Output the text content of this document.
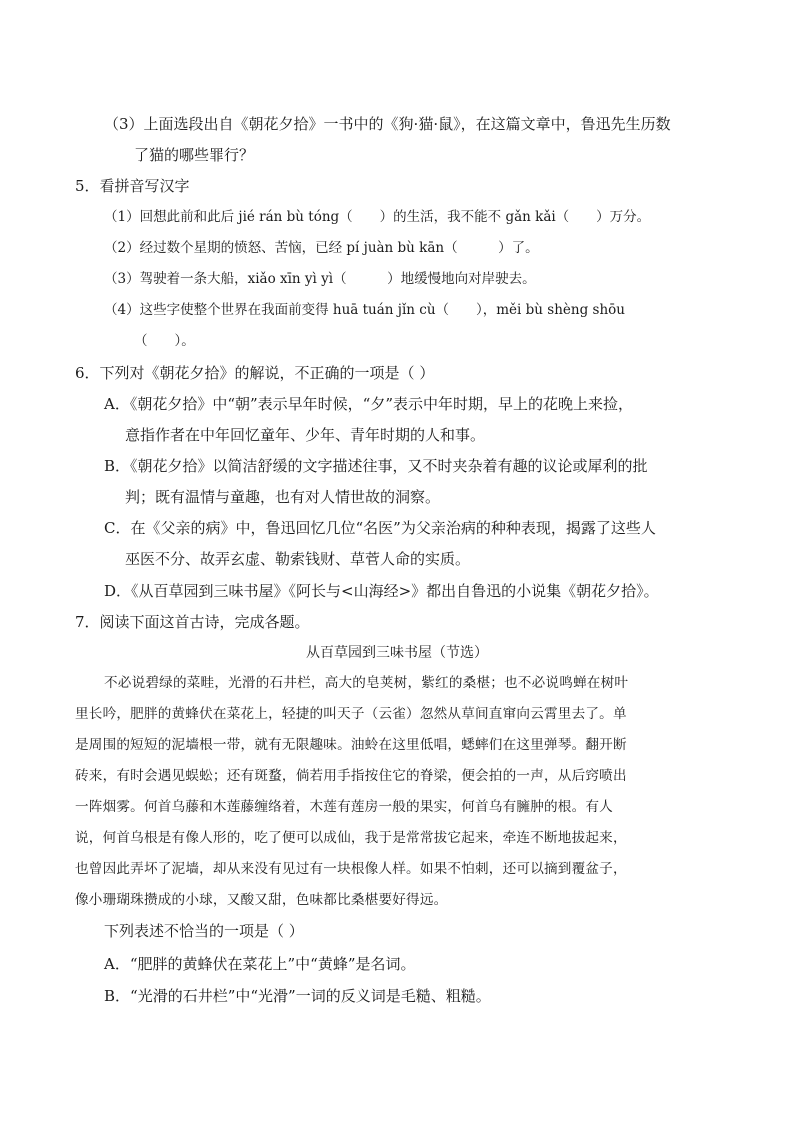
（3）上面选段出自《朝花夕拾》一书中的《狗·猫·鼠》，在这篇文章中，鲁迅先生历数
了猫的哪些罪行？
5．看拼音写汉字
（1）回想此前和此后 jié rán bù tóng（　　）的生活，我不能不 gǎn kǎi（　　）万分。
（2）经过数个星期的愤怒、苦恼，已经 pí juàn bù kān（　　　）了。
（3）驾驶着一条大船，xiǎo xīn yì yì（　　　）地缓慢地向对岸驶去。
（4）这些字使整个世界在我面前变得 huā tuán jǐn cù（　　），měi bù shèng shōu
（　　）。
6．下列对《朝花夕拾》的解说，不正确的一项是（ ）
A．《朝花夕拾》中“朝”表示早年时候，“夕”表示中年时期，早上的花晚上来捡，
意指作者在中年回忆童年、少年、青年时期的人和事。
B．《朝花夕拾》以简洁舒缓的文字描述往事，又不时夹杂着有趣的议论或犀利的批
判；既有温情与童趣，也有对人情世故的洞察。
C．在《父亲的病》中，鲁迅回忆几位“名医”为父亲治病的种种表现，揭露了这些人
巫医不分、故弄玄虚、勒索钱财、草菅人命的实质。
D．《从百草园到三味书屋》《阿长与<山海经>》都出自鲁迅的小说集《朝花夕拾》。
7．阅读下面这首古诗，完成各题。
从百草园到三味书屋（节选）
不必说碧绿的菜畦，光滑的石井栏，高大的皂荚树，紫红的桑椹；也不必说鸣蝉在树叶
里长吟，肥胖的黄蜂伏在菜花上，轻捷的叫天子（云雀）忽然从草间直窜向云霄里去了。单
是周围的短短的泥墙根一带，就有无限趣味。油蛉在这里低唱，蟋蟀们在这里弹琴。翻开断
砖来，有时会遇见蜈蚣；还有斑蝥，倘若用手指按住它的脊梁，便会拍的一声，从后窍喷出
一阵烟雾。何首乌藤和木莲藤缠络着，木莲有莲房一般的果实，何首乌有臃肿的根。有人
说，何首乌根是有像人形的，吃了便可以成仙，我于是常常拔它起来，牵连不断地拔起来，
也曾因此弄坏了泥墙，却从来没有见过有一块根像人样。如果不怕刺，还可以摘到覆盆子，
像小珊瑚珠攒成的小球，又酸又甜，色味都比桑椹要好得远。
下列表述不恰当的一项是（ ）
A．“肥胖的黄蜂伏在菜花上”中“黄蜂”是名词。
B．“光滑的石井栏”中“光滑”一词的反义词是毛糙、粗糙。
